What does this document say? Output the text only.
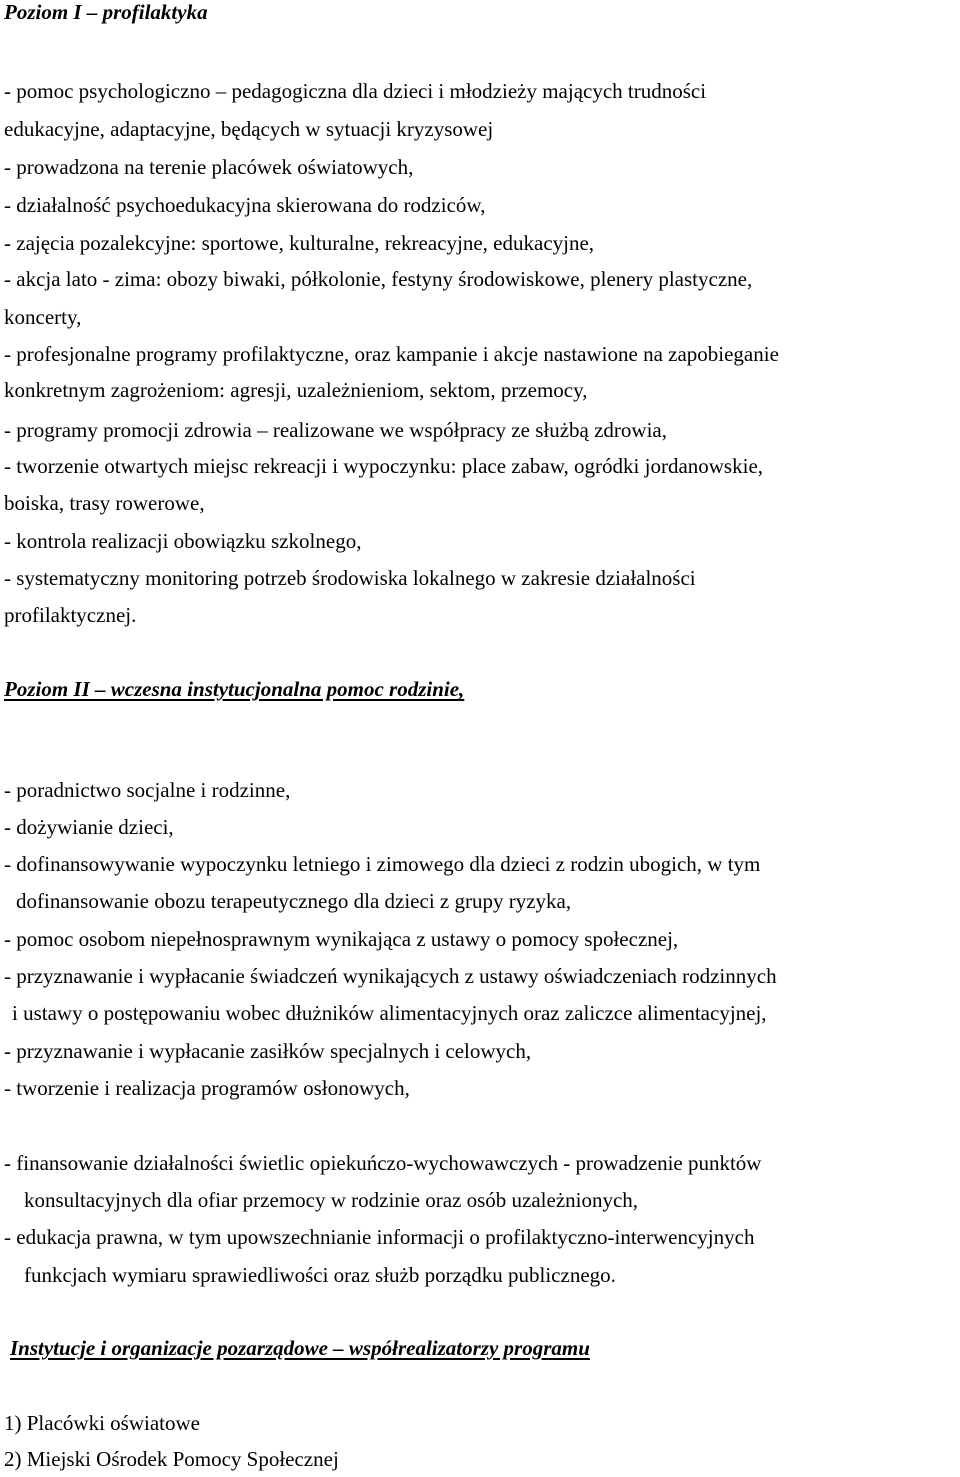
Poziom I – profilaktyka
- pomoc psychologiczno – pedagogiczna dla dzieci i młodzieży mających trudności
edukacyjne, adaptacyjne, będących w sytuacji kryzysowej
- prowadzona na terenie placówek oświatowych,
- działalność psychoedukacyjna skierowana do rodziców,
- zajęcia pozalekcyjne: sportowe, kulturalne, rekreacyjne, edukacyjne,
- akcja lato - zima: obozy biwaki, półkolonie, festyny środowiskowe, plenery plastyczne,
koncerty,
- profesjonalne programy profilaktyczne, oraz kampanie i akcje nastawione na zapobieganie
konkretnym zagrożeniom: agresji, uzależnieniom, sektom, przemocy,
- programy promocji zdrowia – realizowane we współpracy ze służbą zdrowia,
- tworzenie otwartych miejsc rekreacji i wypoczynku: place zabaw, ogródki jordanowskie,
boiska, trasy rowerowe,
- kontrola realizacji obowiązku szkolnego,
- systematyczny monitoring potrzeb środowiska lokalnego w zakresie działalności
profilaktycznej.
Poziom II – wczesna instytucjonalna pomoc rodzinie,
- poradnictwo socjalne i rodzinne,
- dożywianie dzieci,
- dofinansowywanie wypoczynku letniego i zimowego dla dzieci z rodzin ubogich, w tym
dofinansowanie obozu terapeutycznego dla dzieci z grupy ryzyka,
- pomoc osobom niepełnosprawnym wynikająca z ustawy o pomocy społecznej,
- przyznawanie i wypłacanie świadczeń wynikających z ustawy oświadczeniach rodzinnych
i ustawy o postępowaniu wobec dłużników alimentacyjnych oraz zaliczce alimentacyjnej,
- przyznawanie i wypłacanie zasiłków specjalnych i celowych,
- tworzenie i realizacja programów osłonowych,
- finansowanie działalności świetlic opiekuńczo-wychowawczych - prowadzenie punktów
konsultacyjnych dla ofiar przemocy w rodzinie oraz osób uzależnionych,
- edukacja prawna, w tym upowszechnianie informacji o profilaktyczno-interwencyjnych
funkcjach wymiaru sprawiedliwości oraz służb porządku publicznego.
Instytucje i organizacje pozarządowe – współrealizatorzy programu
1) Placówki oświatowe
2) Miejski Ośrodek Pomocy Społecznej
